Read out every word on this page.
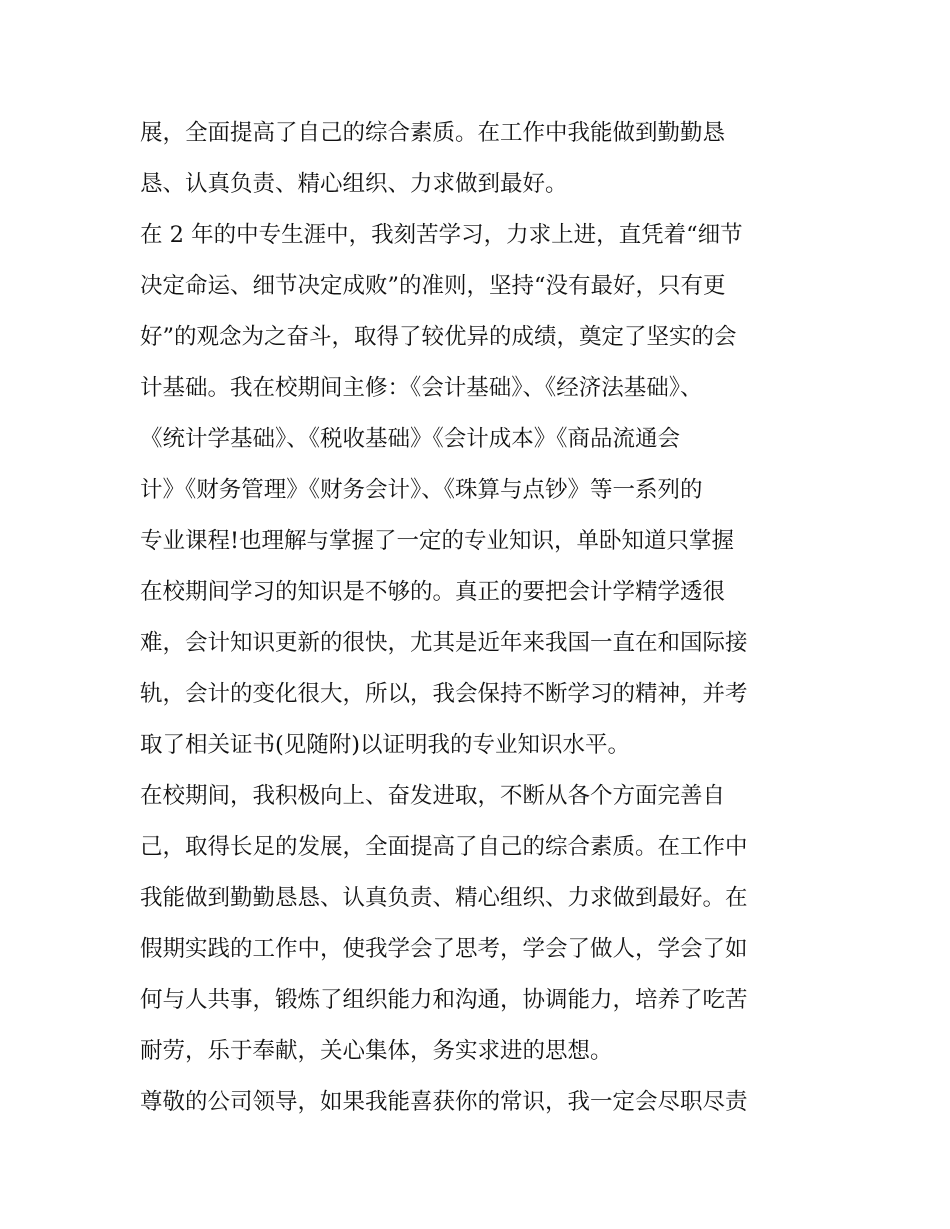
展，全面提高了自己的综合素质。在工作中我能做到勤勤恳
恳、认真负责、精心组织、力求做到最好。
在 2 年的中专生涯中，我刻苦学习，力求上进，直凭着“细节
决定命运、细节决定成败”的准则，坚持“没有最好，只有更
好”的观念为之奋斗，取得了较优异的成绩，奠定了坚实的会
计基础。我在校期间主修：《会计基础》、《经济法基础》、
《统计学基础》、《税收基础》《会计成本》《商品流通会
计》《财务管理》《财务会计》、《珠算与点钞》等一系列的
专业课程!也理解与掌握了一定的专业知识，单卧知道只掌握
在校期间学习的知识是不够的。真正的要把会计学精学透很
难，会计知识更新的很快，尤其是近年来我国一直在和国际接
轨，会计的变化很大，所以，我会保持不断学习的精神，并考
取了相关证书(见随附)以证明我的专业知识水平。
在校期间，我积极向上、奋发进取，不断从各个方面完善自
己，取得长足的发展，全面提高了自己的综合素质。在工作中
我能做到勤勤恳恳、认真负责、精心组织、力求做到最好。在
假期实践的工作中，使我学会了思考，学会了做人，学会了如
何与人共事，锻炼了组织能力和沟通，协调能力，培养了吃苦
耐劳，乐于奉献，关心集体，务实求进的思想。
尊敬的公司领导，如果我能喜获你的常识，我一定会尽职尽责
